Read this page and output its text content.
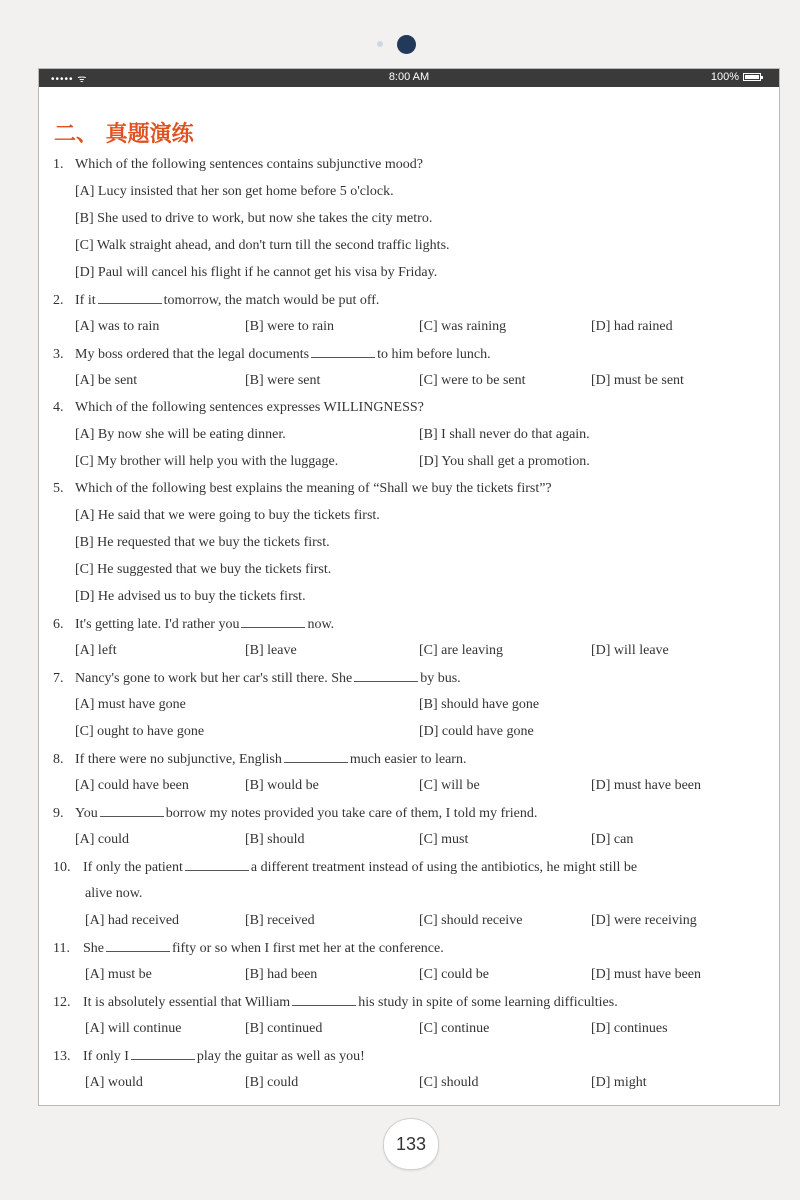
••••• ᯤ	8:00 AM	100%
二、 真题演练
1. Which of the following sentences contains subjunctive mood?
[A] Lucy insisted that her son get home before 5 o'clock.
[B] She used to drive to work, but now she takes the city metro.
[C] Walk straight ahead, and don't turn till the second traffic lights.
[D] Paul will cancel his flight if he cannot get his visa by Friday.
2. If it	tomorrow, the match would be put off.
[A] was to rain	[B] were to rain	[C] was raining	[D] had rained
3. My boss ordered that the legal documents	to him before lunch.
[A] be sent	[B] were sent	[C] were to be sent	[D] must be sent
4. Which of the following sentences expresses WILLINGNESS?
[A] By now she will be eating dinner.	[B] I shall never do that again.
[C] My brother will help you with the luggage.	[D] You shall get a promotion.
5. Which of the following best explains the meaning of “Shall we buy the tickets first”?
[A] He said that we were going to buy the tickets first.
[B] He requested that we buy the tickets first.
[C] He suggested that we buy the tickets first.
[D] He advised us to buy the tickets first.
6. It's getting late. I'd rather you	now.
[A] left	[B] leave	[C] are leaving	[D] will leave
7. Nancy's gone to work but her car's still there. She	by bus.
[A] must have gone	[B] should have gone
[C] ought to have gone	[D] could have gone
8. If there were no subjunctive, English	much easier to learn.
[A] could have been	[B] would be	[C] will be	[D] must have been
9. You	borrow my notes provided you take care of them, I told my friend.
[A] could	[B] should	[C] must	[D] can
10. If only the patient	a different treatment instead of using the antibiotics, he might still be
alive now.
[A] had received	[B] received	[C] should receive	[D] were receiving
11. She	fifty or so when I first met her at the conference.
[A] must be	[B] had been	[C] could be	[D] must have been
12. It is absolutely essential that William	his study in spite of some learning difficulties.
[A] will continue	[B] continued	[C] continue	[D] continues
13. If only I	play the guitar as well as you!
[A] would	[B] could	[C] should	[D] might
133
